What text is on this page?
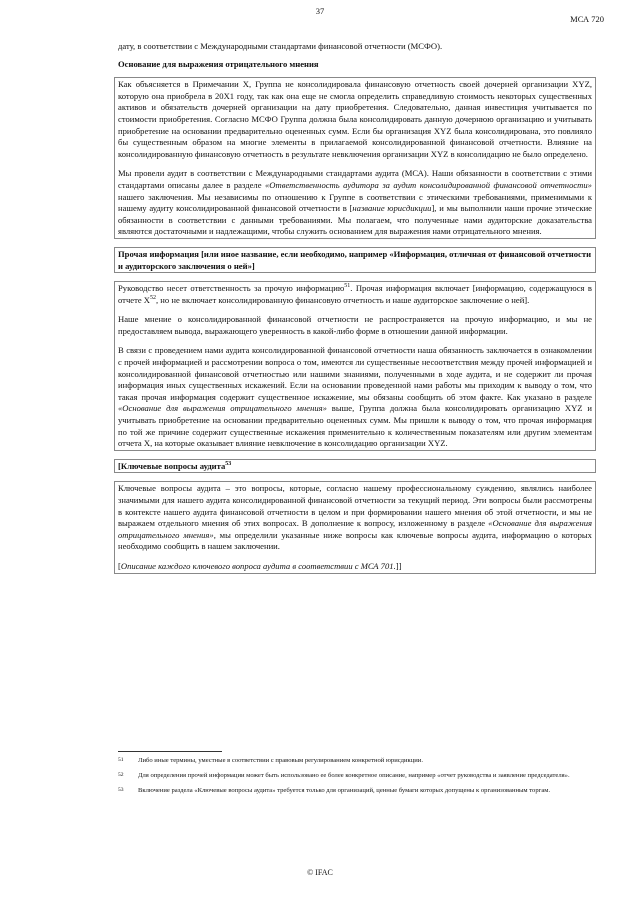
37
МСА 720

дату, в соответствии с Международными стандартами финансовой отчетности (МСФО).

Основание для выражения отрицательного мнения

Как объясняется в Примечании Х, Группа не консолидировала финансовую отчетность своей дочерней организации XYZ, которую она приобрела в 20X1 году, так как она еще не смогла определить справедливую стоимость некоторых существенных активов и обязательств дочерней организации на дату приобретения. Следовательно, данная инвестиция учитывается по стоимости приобретения. Согласно МСФО Группа должна была консолидировать данную дочернюю организацию и учитывать приобретение на основании предварительно оцененных сумм. Если бы организация XYZ была консолидирована, это повлияло бы существенным образом на многие элементы в прилагаемой консолидированной финансовой отчетности. Влияние на консолидированную финансовую отчетность в результате невключения организации XYZ в консолидацию не было определено.

Мы провели аудит в соответствии с Международными стандартами аудита (МСА). Наши обязанности в соответствии с этими стандартами описаны далее в разделе «Ответственность аудитора за аудит консолидированной финансовой отчетности» нашего заключения. Мы независимы по отношению к Группе в соответствии с этическими требованиями, применимыми к нашему аудиту консолидированной финансовой отчетности в [название юрисдикции], и мы выполнили наши прочие этические обязанности в соответствии с данными требованиями. Мы полагаем, что полученные нами аудиторские доказательства являются достаточными и надлежащими, чтобы служить основанием для выражения нами отрицательного мнения.

Прочая информация [или иное название, если необходимо, например «Информация, отличная от финансовой отчетности и аудиторского заключения о ней»]

Руководство несет ответственность за прочую информацию$^{51}$. Прочая информация включает [информацию, содержащуюся в отчете $X^{52}$, но не включает консолидированную финансовую отчетность и наше аудиторское заключение о ней].

Наше мнение о консолидированной финансовой отчетности не распространяется на прочую информацию, и мы не предоставляем вывода, выражающего уверенность в какой-либо форме в отношении данной информации.

В связи с проведением нами аудита консолидированной финансовой отчетности наша обязанность заключается в ознакомлении с прочей информацией и рассмотрении вопроса о том, имеются ли существенные несоответствия между прочей информацией и консолидированной финансовой отчетностью или нашими знаниями, полученными в ходе аудита, и не содержит ли прочая информация иных существенных искажений. Если на основании проведенной нами работы мы приходим к выводу о том, что такая прочая информация содержит существенное искажение, мы обязаны сообщить об этом факте. Как указано в разделе «Основание для выражения отрицательного мнения» выше, Группа должна была консолидировать организацию XYZ и учитывать приобретение на основании предварительно оцененных сумм. Мы пришли к выводу о том, что прочая информация по той же причине содержит существенные искажения применительно к количественным показателям или другим элементам отчета X, на которые оказывает влияние невключение в консолидацию организации XYZ.

[Ключевые вопросы аудита$^{53}$

Ключевые вопросы аудита – это вопросы, которые, согласно нашему профессиональному суждению, являлись наиболее значимыми для нашего аудита консолидированной финансовой отчетности за текущий период. Эти вопросы были рассмотрены в контексте нашего аудита финансовой отчетности в целом и при формировании нашего мнения об этой отчетности, и мы не выражаем отдельного мнения об этих вопросах. В дополнение к вопросу, изложенному в разделе «Основание для выражения отрицательного мнения», мы определили указанные ниже вопросы как ключевые вопросы аудита, информацию о которых необходимо сообщить в нашем заключении.

[Описание каждого ключевого вопроса аудита в соответствии с МСА 701.]]

51	Либо иные термины, уместные в соответствии с правовым регулированием конкретной юрисдикции.
52	Для определения прочей информации может быть использовано ее более конкретное описание, например «отчет руководства и заявление председателя».
53	Включение раздела «Ключевые вопросы аудита» требуется только для организаций, ценные бумаги которых допущены к организованным торгам.
© IFAC
